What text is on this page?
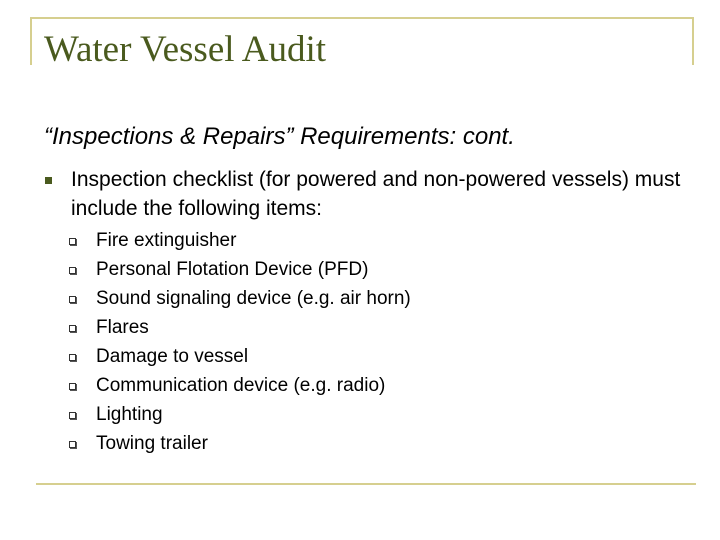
Water Vessel Audit
“Inspections & Repairs” Requirements: cont.
Inspection checklist (for powered and non-powered vessels) must include the following items:
Fire extinguisher
Personal Flotation Device (PFD)
Sound signaling device (e.g. air horn)
Flares
Damage to vessel
Communication device (e.g. radio)
Lighting
Towing trailer
